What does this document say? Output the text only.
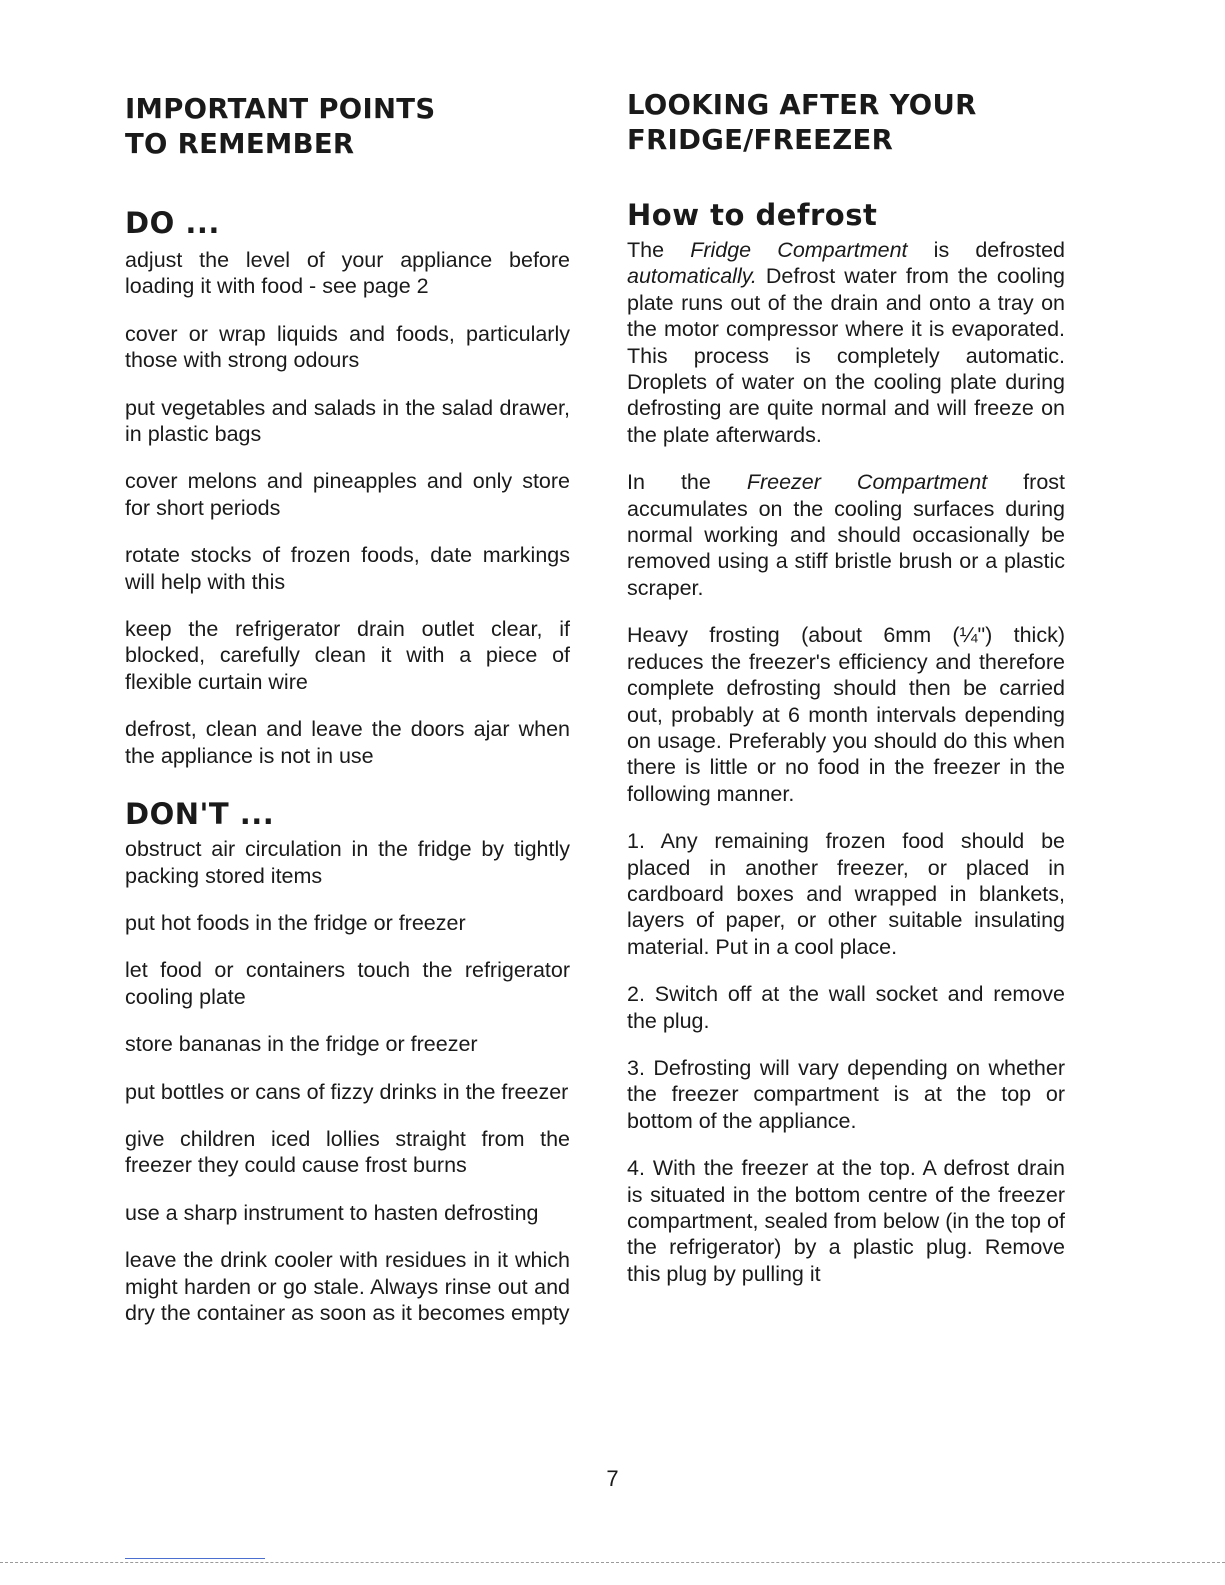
IMPORTANT POINTS
TO REMEMBER
DO ...

adjust the level of your appliance before loading it with food - see page 2

cover or wrap liquids and foods, particularly those with strong odours

put vegetables and salads in the salad drawer, in plastic bags

cover melons and pineapples and only store for short periods

rotate stocks of frozen foods, date markings will help with this

keep the refrigerator drain outlet clear, if blocked, carefully clean it with a piece of flexible curtain wire

defrost, clean and leave the doors ajar when the appliance is not in use

DON'T ...

obstruct air circulation in the fridge by tightly packing stored items

put hot foods in the fridge or freezer

let food or containers touch the refrigerator cooling plate

store bananas in the fridge or freezer

put bottles or cans of fizzy drinks in the freezer

give children iced lollies straight from the freezer they could cause frost burns

use a sharp instrument to hasten defrosting

leave the drink cooler with residues in it which might harden or go stale. Always rinse out and dry the container as soon as it becomes empty

LOOKING AFTER YOUR
FRIDGE/FREEZER
How to defrost

The Fridge Compartment is defrosted automatically. Defrost water from the cooling plate runs out of the drain and onto a tray on the motor compressor where it is evaporated. This process is completely automatic. Droplets of water on the cooling plate during defrosting are quite normal and will freeze on the plate afterwards.

In the Freezer Compartment frost accumulates on the cooling surfaces during normal working and should occasionally be removed using a stiff bristle brush or a plastic scraper.

Heavy frosting (about 6mm (¼") thick) reduces the freezer's efficiency and therefore complete defrosting should then be carried out, probably at 6 month intervals depending on usage. Preferably you should do this when there is little or no food in the freezer in the following manner.

1. Any remaining frozen food should be placed in another freezer, or placed in cardboard boxes and wrapped in blankets, layers of paper, or other suitable insulating material. Put in a cool place.

2. Switch off at the wall socket and remove the plug.

3. Defrosting will vary depending on whether the freezer compartment is at the top or bottom of the appliance.

4. With the freezer at the top. A defrost drain is situated in the bottom centre of the freezer compartment, sealed from below (in the top of the refrigerator) by a plastic plug. Remove this plug by pulling it

7
